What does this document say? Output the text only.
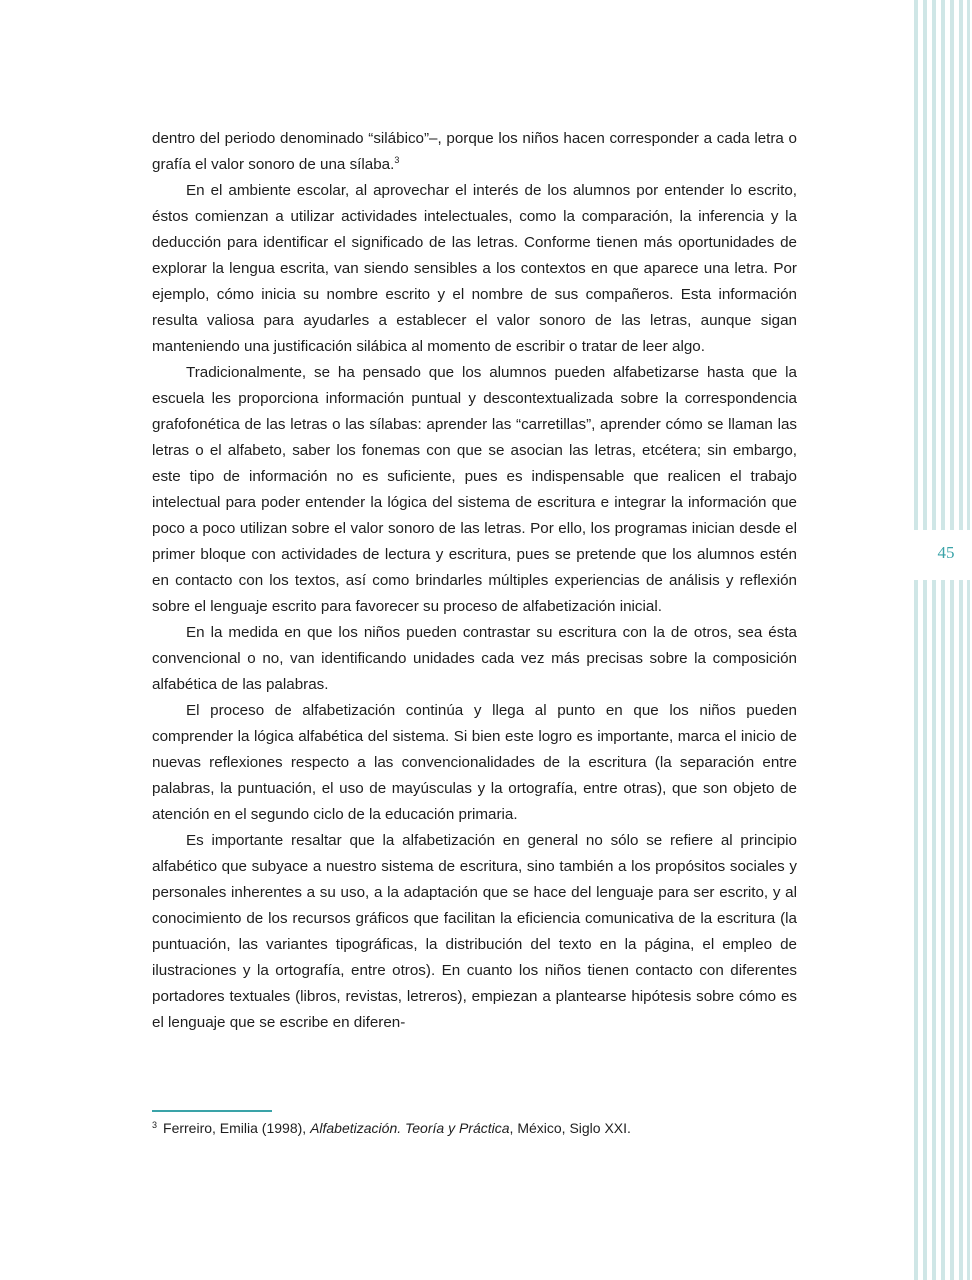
45

dentro del periodo denominado “silábico”–, porque los niños hacen corresponder a cada letra o grafía el valor sonoro de una sílaba.$^3$

En el ambiente escolar, al aprovechar el interés de los alumnos por entender lo escrito, éstos comienzan a utilizar actividades intelectuales, como la comparación, la inferencia y la deducción para identificar el significado de las letras. Conforme tienen más oportunidades de explorar la lengua escrita, van siendo sensibles a los contextos en que aparece una letra. Por ejemplo, cómo inicia su nombre escrito y el nombre de sus compañeros. Esta información resulta valiosa para ayudarles a establecer el valor sonoro de las letras, aunque sigan manteniendo una justificación silábica al momento de escribir o tratar de leer algo.

Tradicionalmente, se ha pensado que los alumnos pueden alfabetizarse hasta que la escuela les proporciona información puntual y descontextualizada sobre la correspondencia grafofonética de las letras o las sílabas: aprender las “carretillas”, aprender cómo se llaman las letras o el alfabeto, saber los fonemas con que se asocian las letras, etcétera; sin embargo, este tipo de información no es suficiente, pues es indispensable que realicen el trabajo intelectual para poder entender la lógica del sistema de escritura e integrar la información que poco a poco utilizan sobre el valor sonoro de las letras. Por ello, los programas inician desde el primer bloque con actividades de lectura y escritura, pues se pretende que los alumnos estén en contacto con los textos, así como brindarles múltiples experiencias de análisis y reflexión sobre el lenguaje escrito para favorecer su proceso de alfabetización inicial.

En la medida en que los niños pueden contrastar su escritura con la de otros, sea ésta convencional o no, van identificando unidades cada vez más precisas sobre la composición alfabética de las palabras.

El proceso de alfabetización continúa y llega al punto en que los niños pueden comprender la lógica alfabética del sistema. Si bien este logro es importante, marca el inicio de nuevas reflexiones respecto a las convencionalidades de la escritura (la separación entre palabras, la puntuación, el uso de mayúsculas y la ortografía, entre otras), que son objeto de atención en el segundo ciclo de la educación primaria.

Es importante resaltar que la alfabetización en general no sólo se refiere al principio alfabético que subyace a nuestro sistema de escritura, sino también a los propósitos sociales y personales inherentes a su uso, a la adaptación que se hace del lenguaje para ser escrito, y al conocimiento de los recursos gráficos que facilitan la eficiencia comunicativa de la escritura (la puntuación, las variantes tipográficas, la distribución del texto en la página, el empleo de ilustraciones y la ortografía, entre otros). En cuanto los niños tienen contacto con diferentes portadores textuales (libros, revistas, letreros), empiezan a plantearse hipótesis sobre cómo es el lenguaje que se escribe en diferen-

$^3$ Ferreiro, Emilia (1998), Alfabetización. Teoría y Práctica, México, Siglo XXI.
